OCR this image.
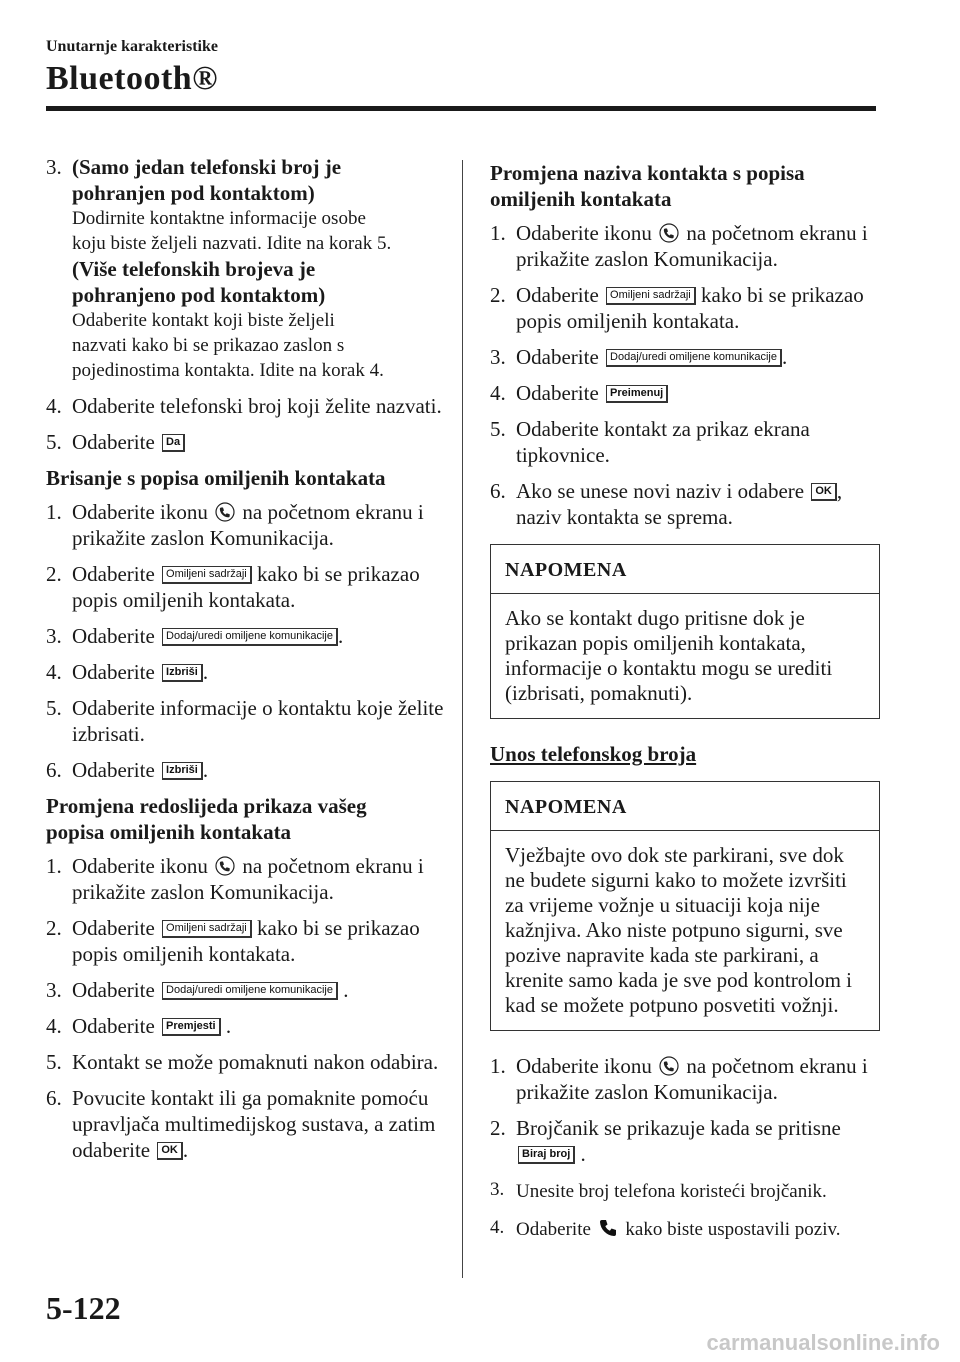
Unutarnje karakteristike
Bluetooth®
3. (Samo jedan telefonski broj je
pohranjen pod kontaktom)
Dodirnite kontaktne informacije osobe
koju biste željeli nazvati. Idite na korak 5.
(Više telefonskih brojeva je
pohranjeno pod kontaktom)
Odaberite kontakt koji biste željeli
nazvati kako bi se prikazao zaslon s
pojedinostima kontakta. Idite na korak 4.
4. Odaberite telefonski broj koji želite nazvati.
5. Odaberite Da
Brisanje s popisa omiljenih kontakata
1. Odaberite ikonu na početnom ekranu i prikažite zaslon Komunikacija.
2. Odaberite Omiljeni sadržaji kako bi se prikazao popis omiljenih kontakata.
3. Odaberite Dodaj/uredi omiljene komunikacije .
4. Odaberite Izbriši .
5. Odaberite informacije o kontaktu koje želite izbrisati.
6. Odaberite Izbriši .
Promjena redoslijeda prikaza vašeg
popisa omiljenih kontakata
1. Odaberite ikonu na početnom ekranu i prikažite zaslon Komunikacija.
2. Odaberite Omiljeni sadržaji kako bi se prikazao popis omiljenih kontakata.
3. Odaberite Dodaj/uredi omiljene komunikacije .
4. Odaberite Premjesti .
5. Kontakt se može pomaknuti nakon odabira.
6. Povucite kontakt ili ga pomaknite pomoću upravljača multimedijskog sustava, a zatim odaberite OK .
Promjena naziva kontakta s popisa
omiljenih kontakata
1. Odaberite ikonu na početnom ekranu i prikažite zaslon Komunikacija.
2. Odaberite Omiljeni sadržaji kako bi se prikazao popis omiljenih kontakata.
3. Odaberite Dodaj/uredi omiljene komunikacije .
4. Odaberite Preimenuj
5. Odaberite kontakt za prikaz ekrana tipkovnice.
6. Ako se unese novi naziv i odabere OK , naziv kontakta se sprema.
NAPOMENA
Ako se kontakt dugo pritisne dok je prikazan popis omiljenih kontakata, informacije o kontaktu mogu se urediti (izbrisati, pomaknuti).
Unos telefonskog broja
NAPOMENA
Vježbajte ovo dok ste parkirani, sve dok ne budete sigurni kako to možete izvršiti za vrijeme vožnje u situaciji koja nije kažnjiva. Ako niste potpuno sigurni, sve pozive napravite kada ste parkirani, a krenite samo kada je sve pod kontrolom i kad se možete potpuno posvetiti vožnji.
1. Odaberite ikonu na početnom ekranu i prikažite zaslon Komunikacija.
2. Brojčanik se prikazuje kada se pritisne
Biraj broj .
3. Unesite broj telefona koristeći brojčanik.
4. Odaberite kako biste uspostavili poziv.
5-122
carmanualsonline.info
